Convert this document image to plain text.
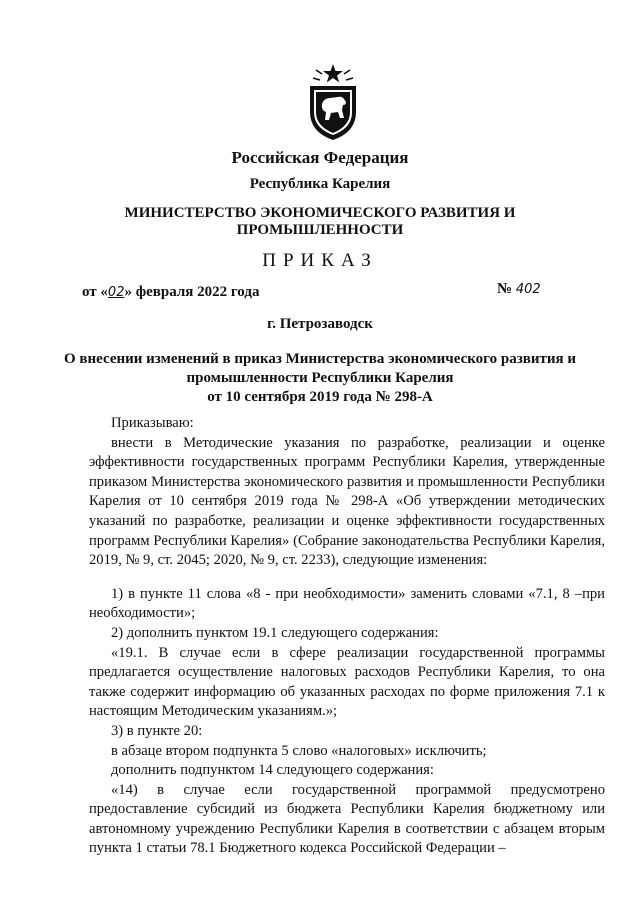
Российская Федерация
Республика Карелия
МИНИСТЕРСТВО ЭКОНОМИЧЕСКОГО РАЗВИТИЯ И
ПРОМЫШЛЕННОСТИ
ПРИКАЗ
от «02» февраля 2022 года	№ 402
г. Петрозаводск
О внесении изменений в приказ Министерства экономического развития и
промышленности Республики Карелия
от 10 сентября 2019 года № 298-А

Приказываю:

внести в Методические указания по разработке, реализации и оценке эффективности государственных программ Республики Карелия, утвержденные приказом Министерства экономического развития и промышленности Республики Карелия от 10 сентября 2019 года № 298-А «Об утверждении методических указаний по разработке, реализации и оценке эффективности государственных программ Республики Карелия» (Собрание законодательства Республики Карелия, 2019, № 9, ст. 2045; 2020, № 9, ст. 2233), следующие изменения:

1) в пункте 11 слова «8 - при необходимости» заменить словами «7.1, 8 –при необходимости»;

2) дополнить пунктом 19.1 следующего содержания:

«19.1. В случае если в сфере реализации государственной программы предлагается осуществление налоговых расходов Республики Карелия, то она также содержит информацию об указанных расходах по форме приложения 7.1 к настоящим Методическим указаниям.»;

3) в пункте 20:

в абзаце втором подпункта 5 слово «налоговых» исключить;

дополнить подпунктом 14 следующего содержания:

«14) в случае если государственной программой предусмотрено предоставление субсидий из бюджета Республики Карелия бюджетному или автономному учреждению Республики Карелия в соответствии с абзацем вторым пункта 1 статьи 78.1 Бюджетного кодекса Российской Федерации –
